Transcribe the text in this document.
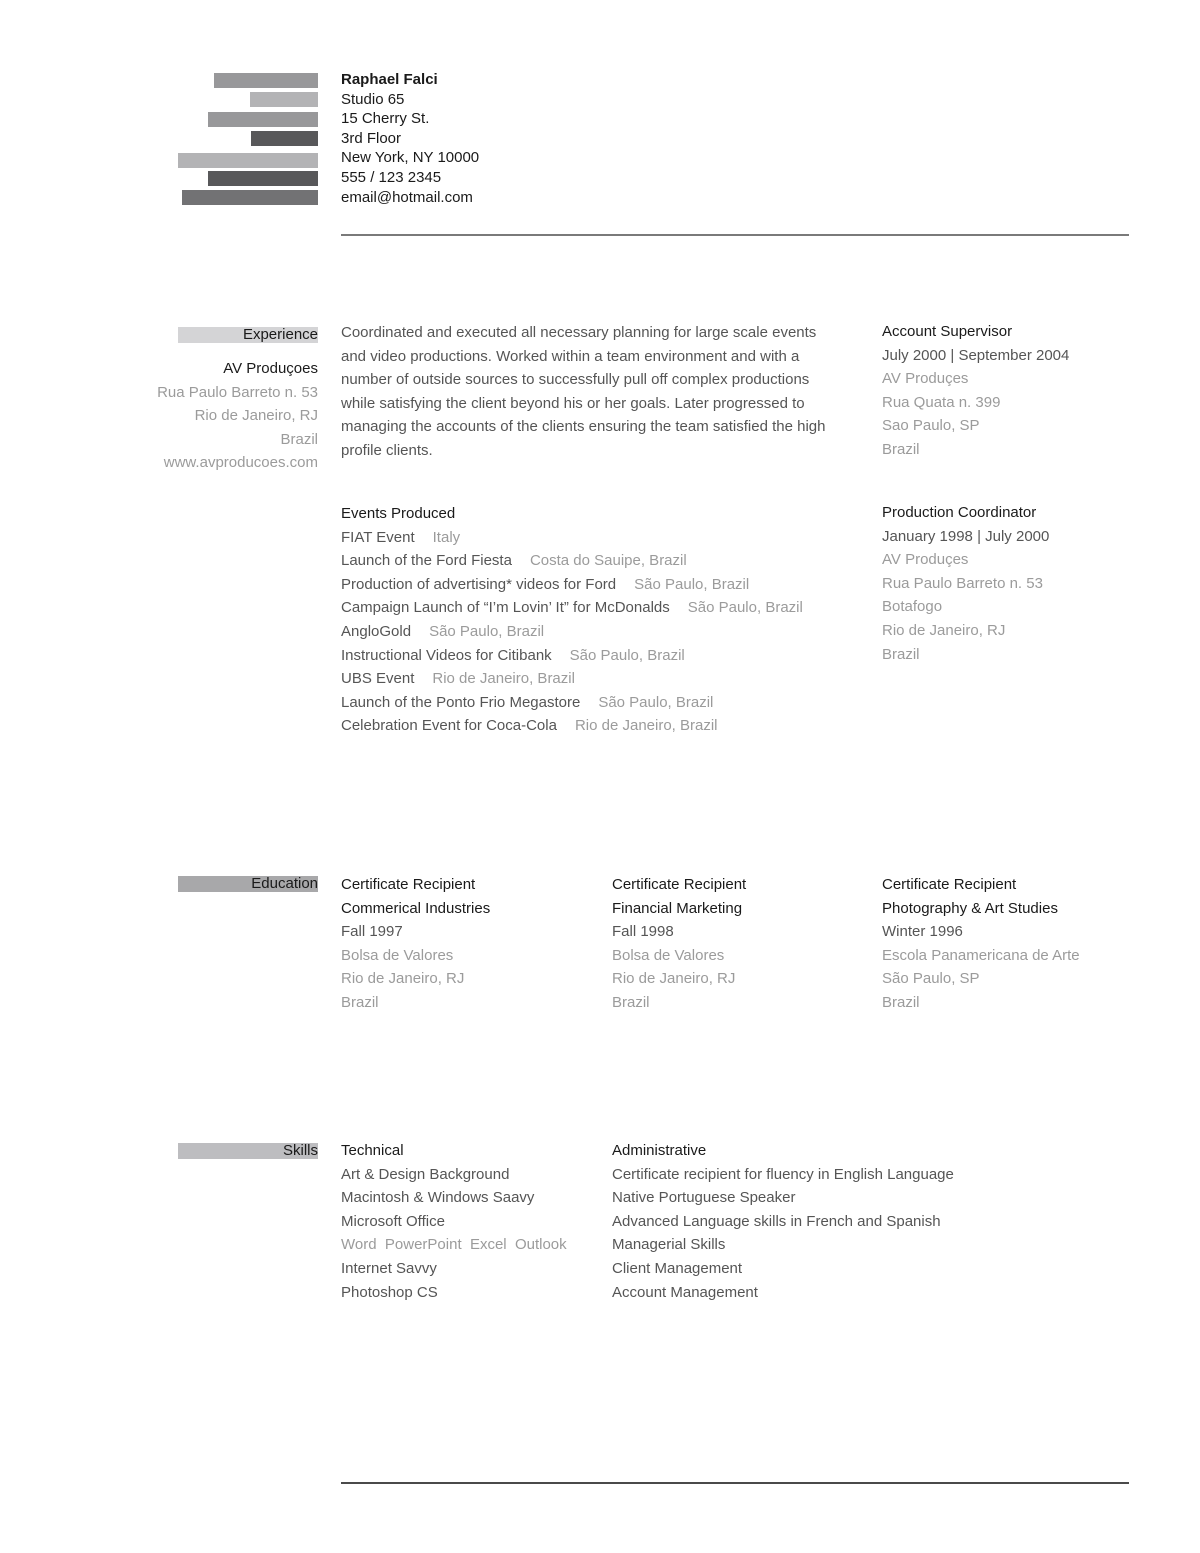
Raphael Falci
Studio 65
15 Cherry St.
3rd Floor
New York, NY 10000
555 / 123 2345
email@hotmail.com
Experience
AV Produçoes
Rua Paulo Barreto n. 53
Rio de Janeiro, RJ
Brazil
www.avproducoes.com
Coordinated and executed all necessary planning for large scale events
and video productions. Worked within a team environment and with a
number of outside sources to successfully pull off complex productions
while satisfying the client beyond his or her goals. Later progressed to
managing the accounts of the clients ensuring the team satisfied the high
profile clients.
Events Produced
FIAT Event Italy
Launch of the Ford Fiesta Costa do Sauipe, Brazil
Production of advertising* videos for Ford São Paulo, Brazil
Campaign Launch of “I’m Lovin’ It” for McDonalds São Paulo, Brazil
AngloGold São Paulo, Brazil
Instructional Videos for Citibank São Paulo, Brazil
UBS Event Rio de Janeiro, Brazil
Launch of the Ponto Frio Megastore São Paulo, Brazil
Celebration Event for Coca-Cola Rio de Janeiro, Brazil
Account Supervisor
July 2000 | September 2004
AV Produçes
Rua Quata n. 399
Sao Paulo, SP
Brazil
Production Coordinator
January 1998 | July 2000
AV Produçes
Rua Paulo Barreto n. 53
Botafogo
Rio de Janeiro, RJ
Brazil
Education Certificate Recipient
Commerical Industries
Fall 1997
Bolsa de Valores
Rio de Janeiro, RJ
Brazil
Certificate Recipient
Financial Marketing
Fall 1998
Bolsa de Valores
Rio de Janeiro, RJ
Brazil
Certificate Recipient
Photography & Art Studies
Winter 1996
Escola Panamericana de Arte
São Paulo, SP
Brazil
Skills Technical
Art & Design Background
Macintosh & Windows Saavy
Microsoft Office
Word  PowerPoint  Excel  Outlook
Internet Savvy
Photoshop CS
Administrative
Certificate recipient for fluency in English Language
Native Portuguese Speaker
Advanced Language skills in French and Spanish
Managerial Skills
Client Management
Account Management
